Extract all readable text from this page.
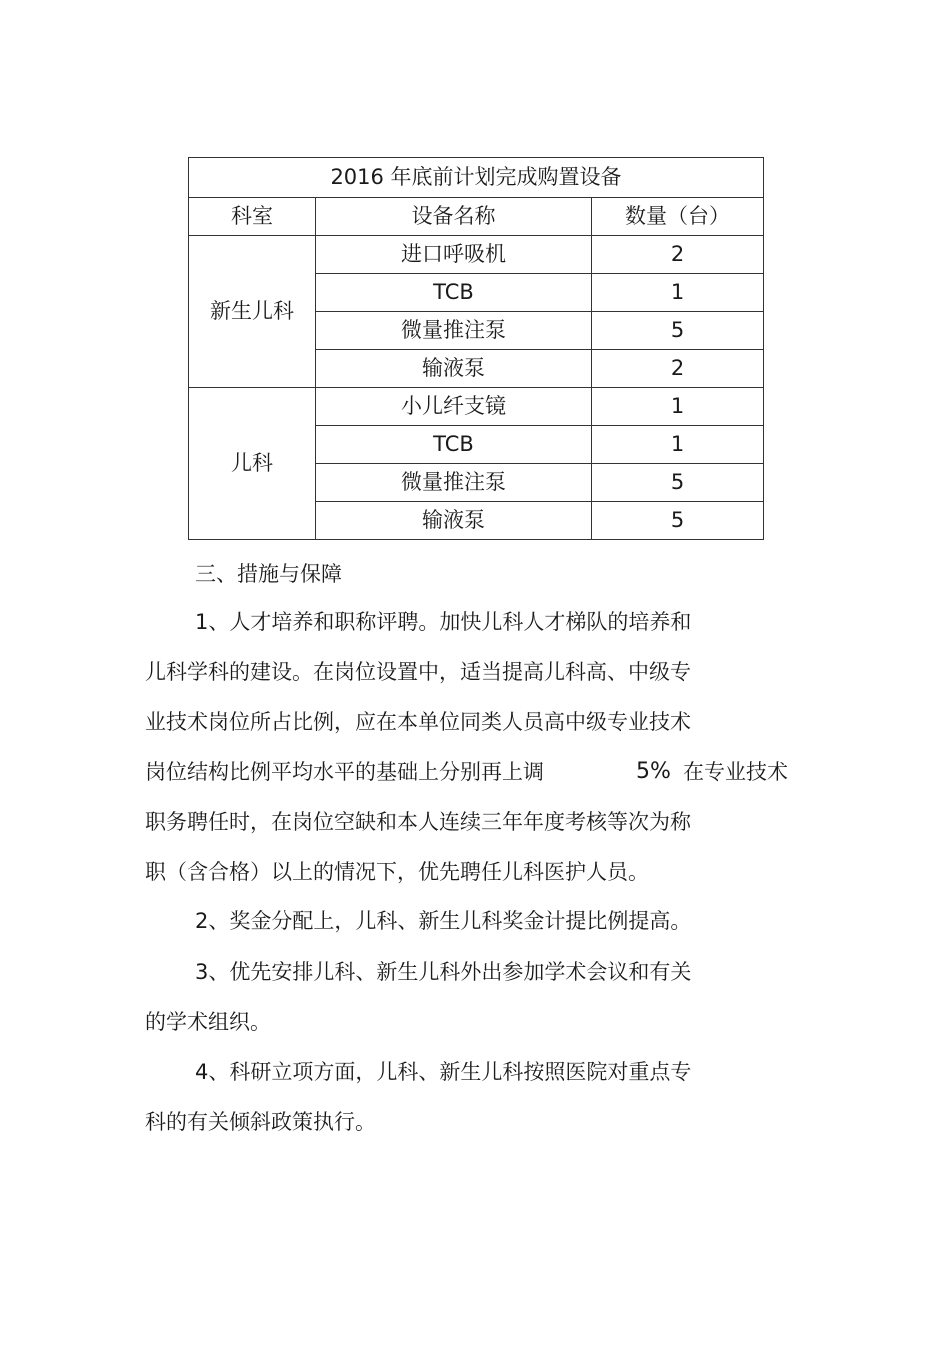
2016 年底前计划完成购置设备		
科室	设备名称	数量（台）
新生儿科	进口呼吸机	2
	TCB	1
	微量推注泵	5
	输液泵	2
儿科	小儿纤支镜	1
	TCB	1
	微量推注泵	5
	输液泵	5
三、措施与保障
1、人才培养和职称评聘。加快儿科人才梯队的培养和
儿科学科的建设。在岗位设置中，适当提高儿科高、中级专
业技术岗位所占比例，应在本单位同类人员高中级专业技术
岗位结构比例平均水平的基础上分别再上调	5% 在专业技术
职务聘任时，在岗位空缺和本人连续三年年度考核等次为称
职（含合格）以上的情况下，优先聘任儿科医护人员。
2、奖金分配上，儿科、新生儿科奖金计提比例提高。
3、优先安排儿科、新生儿科外出参加学术会议和有关
的学术组织。
4、科研立项方面，儿科、新生儿科按照医院对重点专
科的有关倾斜政策执行。
